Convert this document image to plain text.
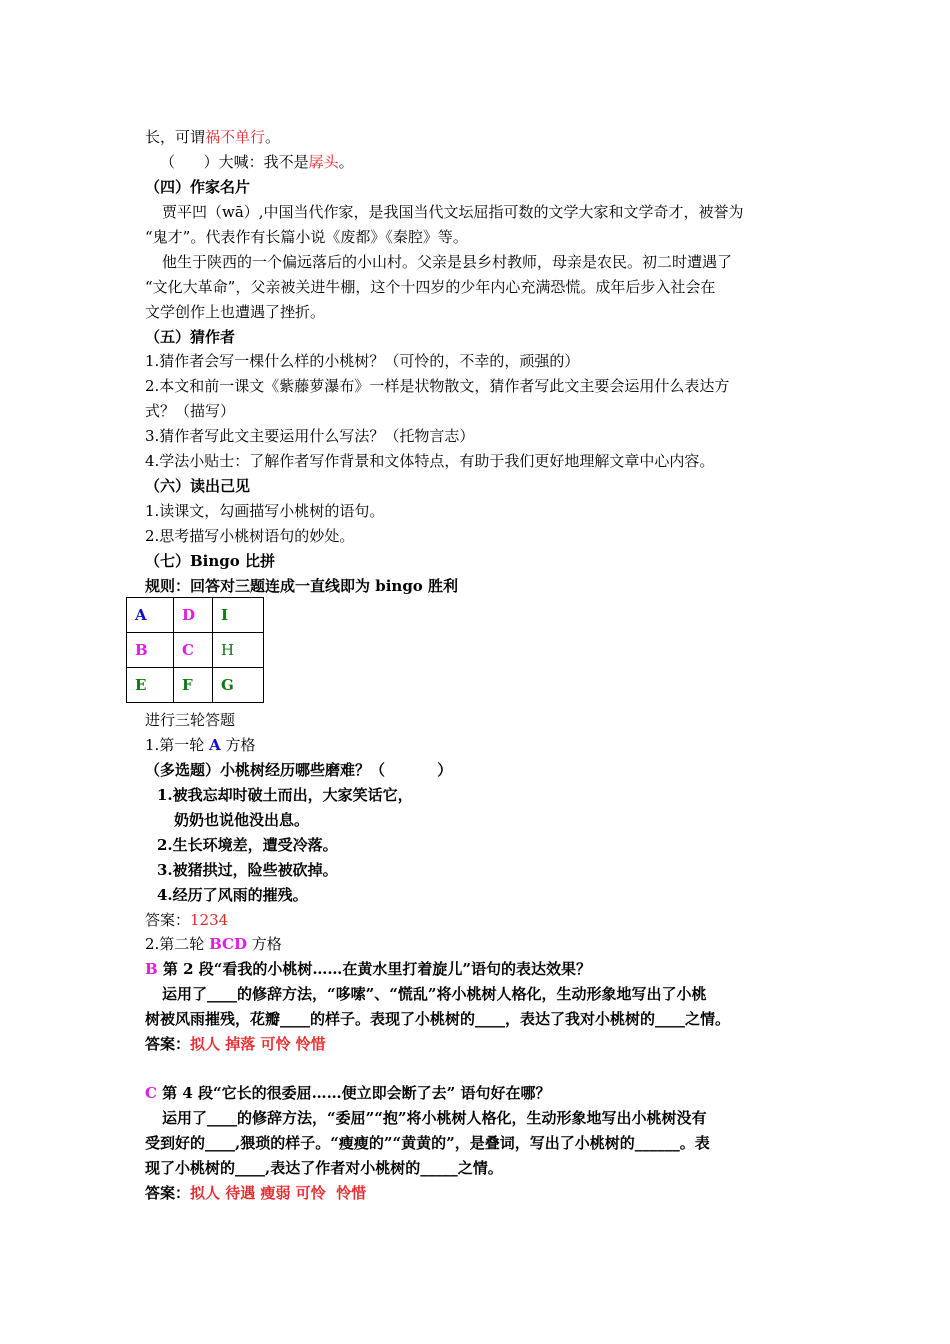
长，可谓祸不单行。
（      ）大喊：我不是孱头。
（四）作家名片
贾平凹（wā）,中国当代作家，是我国当代文坛屈指可数的文学大家和文学奇才，被誉为
“鬼才”。代表作有长篇小说《废都》《秦腔》等。
他生于陕西的一个偏远落后的小山村。父亲是县乡村教师，母亲是农民。初二时遭遇了
“文化大革命”，父亲被关进牛棚，这个十四岁的少年内心充满恐慌。成年后步入社会在
文学创作上也遭遇了挫折。
（五）猜作者
1.猜作者会写一棵什么样的小桃树？（可怜的，不幸的，顽强的）
2.本文和前一课文《紫藤萝瀑布》一样是状物散文，猜作者写此文主要会运用什么表达方
式？（描写）
3.猜作者写此文主要运用什么写法？（托物言志）
4.学法小贴士：了解作者写作背景和文体特点，有助于我们更好地理解文章中心内容。
（六）读出己见
1.读课文，勾画描写小桃树的语句。
2.思考描写小桃树语句的妙处。
（七）Bingo 比拼
规则：回答对三题连成一直线即为 bingo 胜利
A	D	I
B	C	H
E	F	G
进行三轮答题
1.第一轮 A 方格
（多选题）小桃树经历哪些磨难？（          ）
1.被我忘却时破土而出，大家笑话它，
奶奶也说他没出息。
2.生长环境差，遭受冷落。
3.被猪拱过，险些被砍掉。
4.经历了风雨的摧残。
答案：1234
2.第二轮 BCD 方格
B 第 2 段“看我的小桃树……在黄水里打着旋儿”语句的表达效果？
运用了____的修辞方法，“哆嗦”、“慌乱”将小桃树人格化，生动形象地写出了小桃
树被风雨摧残，花瓣____的样子。表现了小桃树的____，表达了我对小桃树的____之情。
答案：拟人 掉落 可怜 怜惜
C 第 4 段“它长的很委屈……便立即会断了去” 语句好在哪？
运用了____的修辞方法，“委屈”“抱”将小桃树人格化，生动形象地写出小桃树没有
受到好的____,猥琐的样子。“瘦瘦的”“黄黄的”，是叠词，写出了小桃树的______。表
现了小桃树的____,表达了作者对小桃树的_____之情。
答案：拟人 待遇 瘦弱 可怜  怜惜
